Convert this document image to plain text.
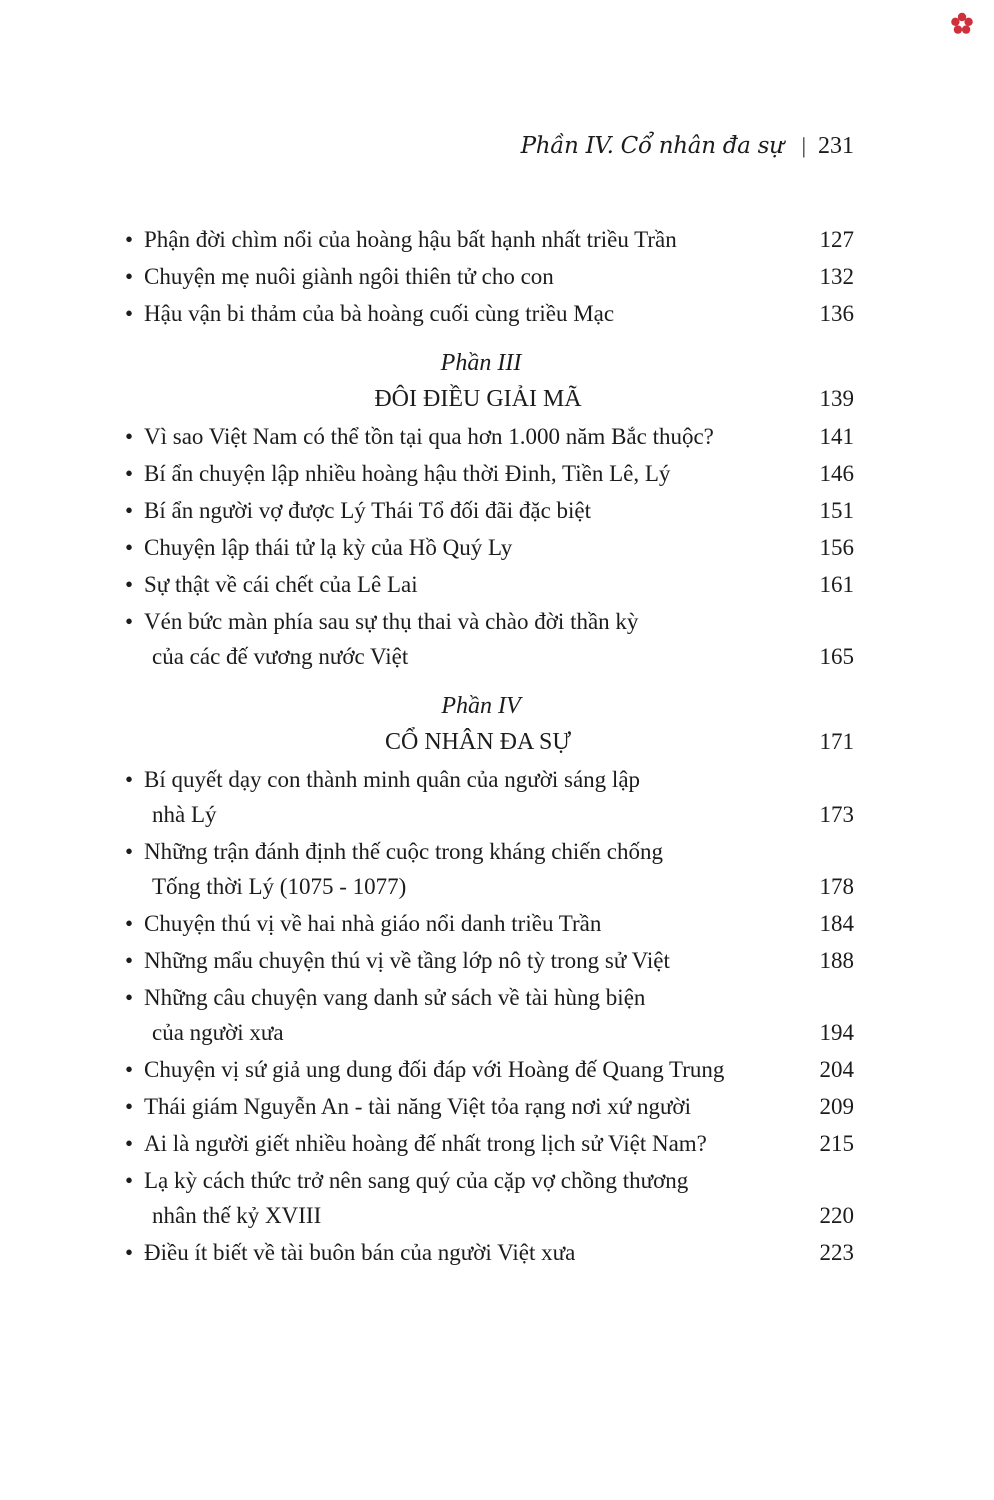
Phần IV. Cổ nhân đa sự | 231
• Phận đời chìm nổi của hoàng hậu bất hạnh nhất triều Trần	127
• Chuyện mẹ nuôi giành ngôi thiên tử cho con	132
• Hậu vận bi thảm của bà hoàng cuối cùng triều Mạc	136
Phần III
ĐÔI ĐIỀU GIẢI MÃ	139
• Vì sao Việt Nam có thể tồn tại qua hơn 1.000 năm Bắc thuộc?	141
• Bí ẩn chuyện lập nhiều hoàng hậu thời Đinh, Tiền Lê, Lý	146
• Bí ẩn người vợ được Lý Thái Tổ đối đãi đặc biệt	151
• Chuyện lập thái tử lạ kỳ của Hồ Quý Ly	156
• Sự thật về cái chết của Lê Lai	161
• Vén bức màn phía sau sự thụ thai và chào đời thần kỳ
của các đế vương nước Việt	165
Phần IV
CỔ NHÂN ĐA SỰ	171
• Bí quyết dạy con thành minh quân của người sáng lập
nhà Lý	173
• Những trận đánh định thế cuộc trong kháng chiến chống
Tống thời Lý (1075 - 1077)	178
• Chuyện thú vị về hai nhà giáo nổi danh triều Trần	184
• Những mẩu chuyện thú vị về tầng lớp nô tỳ trong sử Việt	188
• Những câu chuyện vang danh sử sách về tài hùng biện
của người xưa	194
• Chuyện vị sứ giả ung dung đối đáp với Hoàng đế Quang Trung	204
• Thái giám Nguyễn An - tài năng Việt tỏa rạng nơi xứ người	209
• Ai là người giết nhiều hoàng đế nhất trong lịch sử Việt Nam?	215
• Lạ kỳ cách thức trở nên sang quý của cặp vợ chồng thương
nhân thế kỷ XVIII	220
• Điều ít biết về tài buôn bán của người Việt xưa	223
